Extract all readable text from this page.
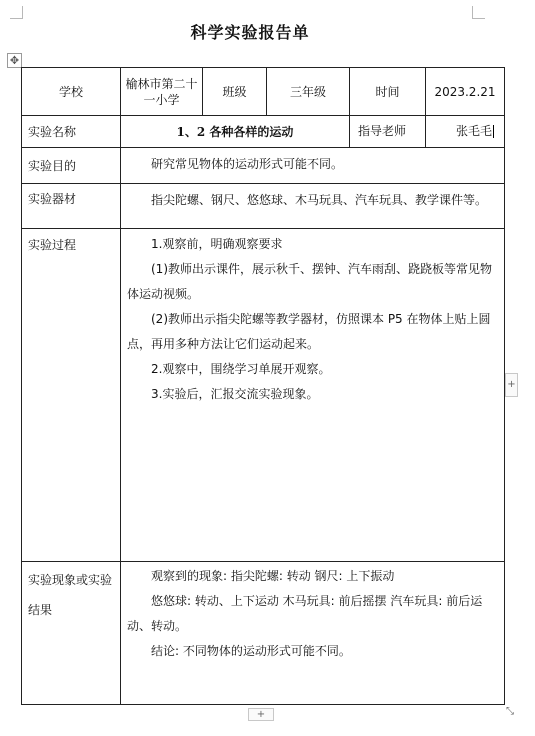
✥
科学实验报告单
学校	榆林市第二十一小学	班级	三年级	时间	2023.2.21
实验名称	1、2 各种各样的运动			指导老师	张毛毛
实验目的	研究常见物体的运动形式可能不同。				

实验器材	指尖陀螺、钢尺、悠悠球、木马玩具、汽车玩具、教学课件等。				

实验过程	1.观察前，明确观察要求

(1)教师出示课件，展示秋千、摆钟、汽车雨刮、跷跷板等常见物体运动视频。

(2)教师出示指尖陀螺等教学器材，仿照课本 P5 在物体上贴上圆点，再用多种方法让它们运动起来。

2.观察中，围绕学习单展开观察。

3.实验后，汇报交流实验现象。				

实验现象或实验结果	观察到的现象: 指尖陀螺: 转动 钢尺: 上下振动

悠悠球: 转动、上下运动 木马玩具: 前后摇摆 汽车玩具: 前后运动、转动。

结论: 不同物体的运动形式可能不同。				

+
+	⤡
